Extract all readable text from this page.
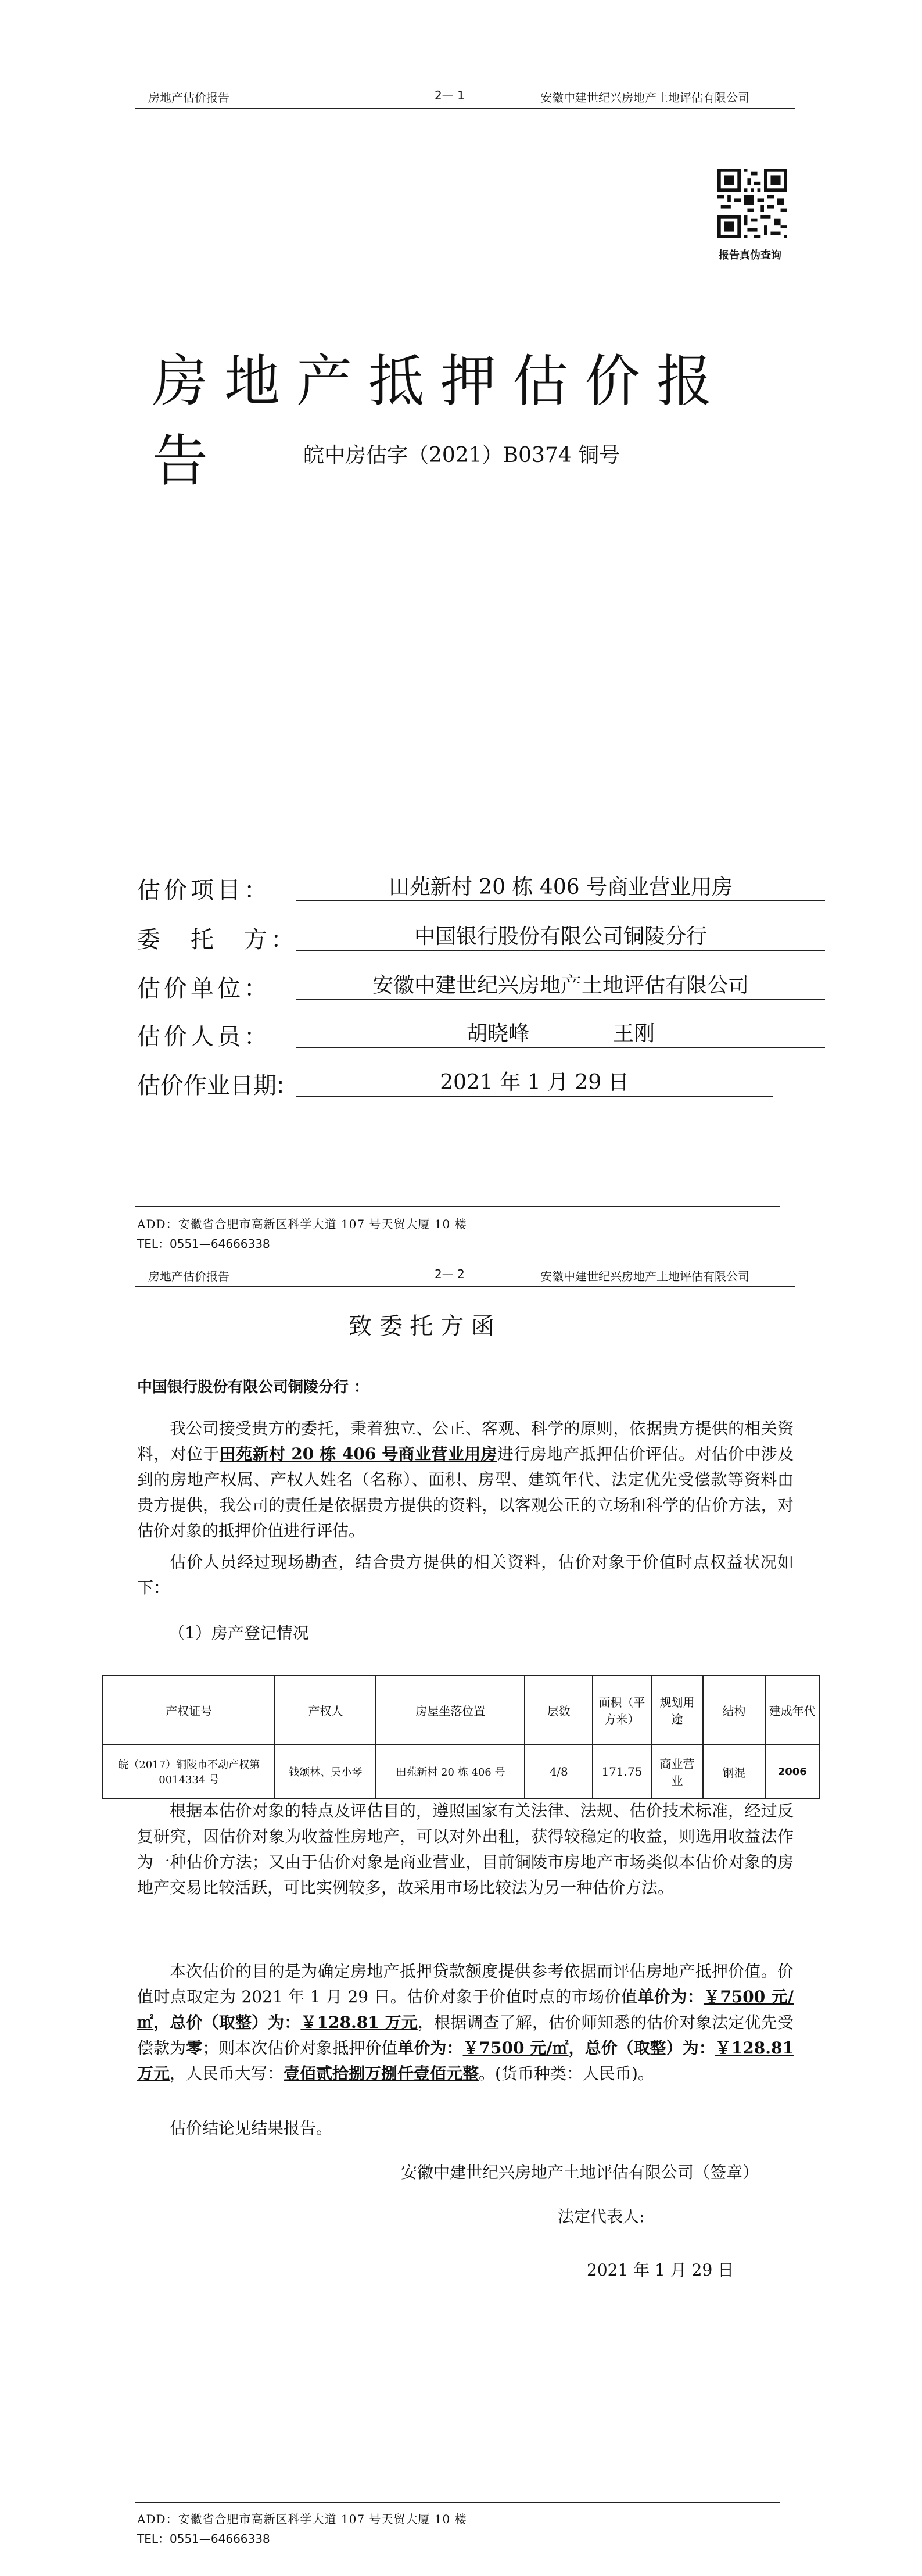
房地产估价报告	2— 1	安徽中建世纪兴房地产土地评估有限公司
报告真伪查询
房地产抵押估价报告	皖中房估字（2021）B0374 铜号
估价项目：	田苑新村 20 栋 406 号商业营业用房
委　托　方：	中国银行股份有限公司铜陵分行
估价单位：	安徽中建世纪兴房地产土地评估有限公司
估价人员：	胡晓峰　　　　王刚
估价作业日期:	2021 年 1 月 29 日
ADD：安徽省合肥市高新区科学大道 107 号天贸大厦 10 楼
TEL：0551—64666338
房地产估价报告	2— 2	安徽中建世纪兴房地产土地评估有限公司
致 委 托 方 函
中国银行股份有限公司铜陵分行 ：
我公司接受贵方的委托，秉着独立、公正、客观、科学的原则，依据贵方提供的相关资料，对位于田苑新村 20 栋 406 号商业营业用房进行房地产抵押估价评估。对估价中涉及到的房地产权属、产权人姓名（名称）、面积、房型、建筑年代、法定优先受偿款等资料由贵方提供，我公司的责任是依据贵方提供的资料，以客观公正的立场和科学的估价方法，对估价对象的抵押价值进行评估。
估价人员经过现场勘查，结合贵方提供的相关资料，估价对象于价值时点权益状况如下：
（1）房产登记情况
产权证号	产权人	房屋坐落位置	层数	面积（平方米）	规划用途	结构	建成年代
皖（2017）铜陵市不动产权第 0014334 号	钱颂林、吴小琴	田苑新村 20 栋 406 号	4/8	171.75	商业营业	钢混	2006
根据本估价对象的特点及评估目的，遵照国家有关法律、法规、估价技术标准，经过反复研究，因估价对象为收益性房地产，可以对外出租，获得较稳定的收益，则选用收益法作为一种估价方法；又由于估价对象是商业营业，目前铜陵市房地产市场类似本估价对象的房地产交易比较活跃，可比实例较多，故采用市场比较法为另一种估价方法。
本次估价的目的是为确定房地产抵押贷款额度提供参考依据而评估房地产抵押价值。价值时点取定为 2021 年 1 月 29 日。估价对象于价值时点的市场价值单价为：￥7500 元/㎡，总价（取整）为：￥128.81 万元，根据调查了解，估价师知悉的估价对象法定优先受偿款为零；则本次估价对象抵押价值单价为：￥7500 元/㎡，总价（取整）为：￥128.81 万元，人民币大写：壹佰贰拾捌万捌仟壹佰元整。(货币种类：人民币)。
估价结论见结果报告。
安徽中建世纪兴房地产土地评估有限公司（签章）
法定代表人:
2021 年 1 月 29 日
ADD：安徽省合肥市高新区科学大道 107 号天贸大厦 10 楼
TEL：0551—64666338
